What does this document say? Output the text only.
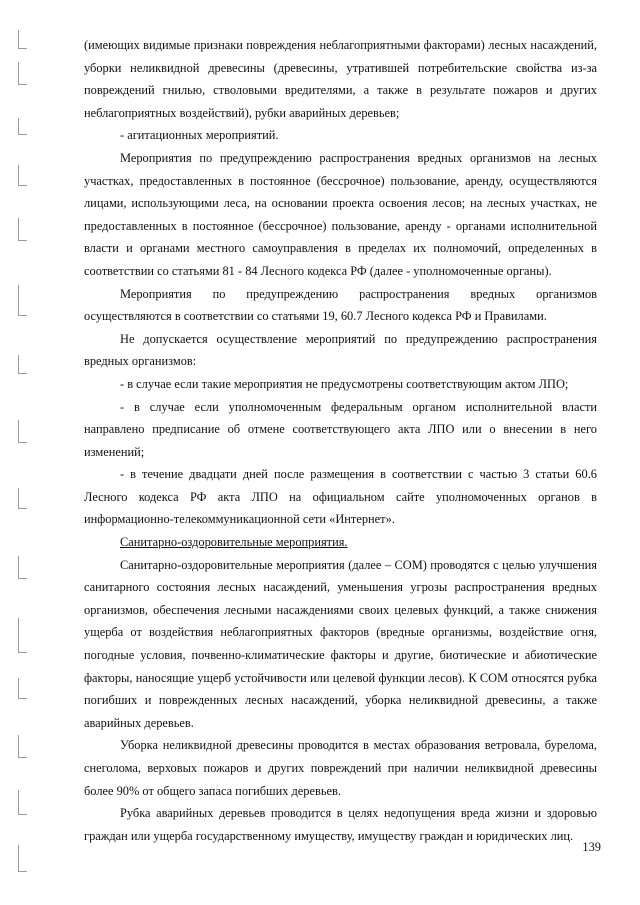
(имеющих видимые признаки повреждения неблагоприятными факторами) лесных насаждений, уборки неликвидной древесины (древесины, утратившей потребительские свойства из-за повреждений гнилью, стволовыми вредителями, а также в результате пожаров и других неблагоприятных воздействий), рубки аварийных деревьев;

- агитационных мероприятий.

Мероприятия по предупреждению распространения вредных организмов на лесных участках, предоставленных в постоянное (бессрочное) пользование, аренду, осуществляются лицами, использующими леса, на основании проекта освоения лесов; на лесных участках, не предоставленных в постоянное (бессрочное) пользование, аренду - органами исполнительной власти и органами местного самоуправления в пределах их полномочий, определенных в соответствии со статьями 81 - 84 Лесного кодекса РФ (далее - уполномоченные органы).

Мероприятия по предупреждению распространения вредных организмов осуществляются в соответствии со статьями 19, 60.7 Лесного кодекса РФ и Правилами.

Не допускается осуществление мероприятий по предупреждению распространения вредных организмов:

- в случае если такие мероприятия не предусмотрены соответствующим актом ЛПО;

- в случае если уполномоченным федеральным органом исполнительной власти направлено предписание об отмене соответствующего акта ЛПО или о внесении в него изменений;

- в течение двадцати дней после размещения в соответствии с частью 3 статьи 60.6 Лесного кодекса РФ акта ЛПО на официальном сайте уполномоченных органов в информационно-телекоммуникационной сети «Интернет».

Санитарно-оздоровительные мероприятия.

Санитарно-оздоровительные мероприятия (далее – СОМ) проводятся с целью улучшения санитарного состояния лесных насаждений, уменьшения угрозы распространения вредных организмов, обеспечения лесными насаждениями своих целевых функций, а также снижения ущерба от воздействия неблагоприятных факторов (вредные организмы, воздействие огня, погодные условия, почвенно-климатические факторы и другие, биотические и абиотические факторы, наносящие ущерб устойчивости или целевой функции лесов). К СОМ относятся рубка погибших и поврежденных лесных насаждений, уборка неликвидной древесины, а также аварийных деревьев.

Уборка неликвидной древесины проводится в местах образования ветровала, бурелома, снеголома, верховых пожаров и других повреждений при наличии неликвидной древесины более 90% от общего запаса погибших деревьев.

Рубка аварийных деревьев проводится в целях недопущения вреда жизни и здоровью граждан или ущерба государственному имуществу, имуществу граждан и юридических лиц.

139
